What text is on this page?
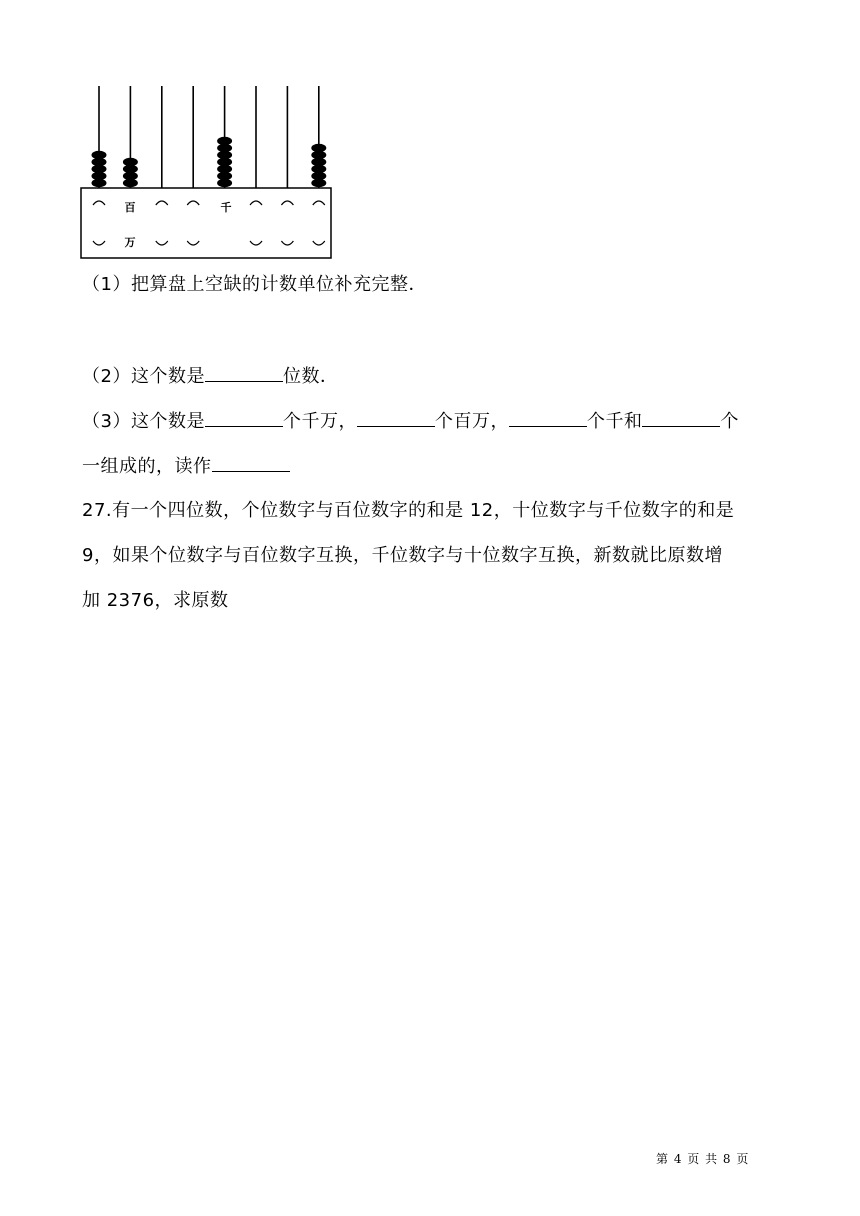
百
万
千
（1）把算盘上空缺的计数单位补充完整．
（2）这个数是	位数．
（3）这个数是	个千万，	个百万，	个千和	个
一组成的，读作
27.有一个四位数，个位数字与百位数字的和是 12，十位数字与千位数字的和是
9，如果个位数字与百位数字互换，千位数字与十位数字互换，新数就比原数增
加 2376，求原数
第 4 页 共 8 页
